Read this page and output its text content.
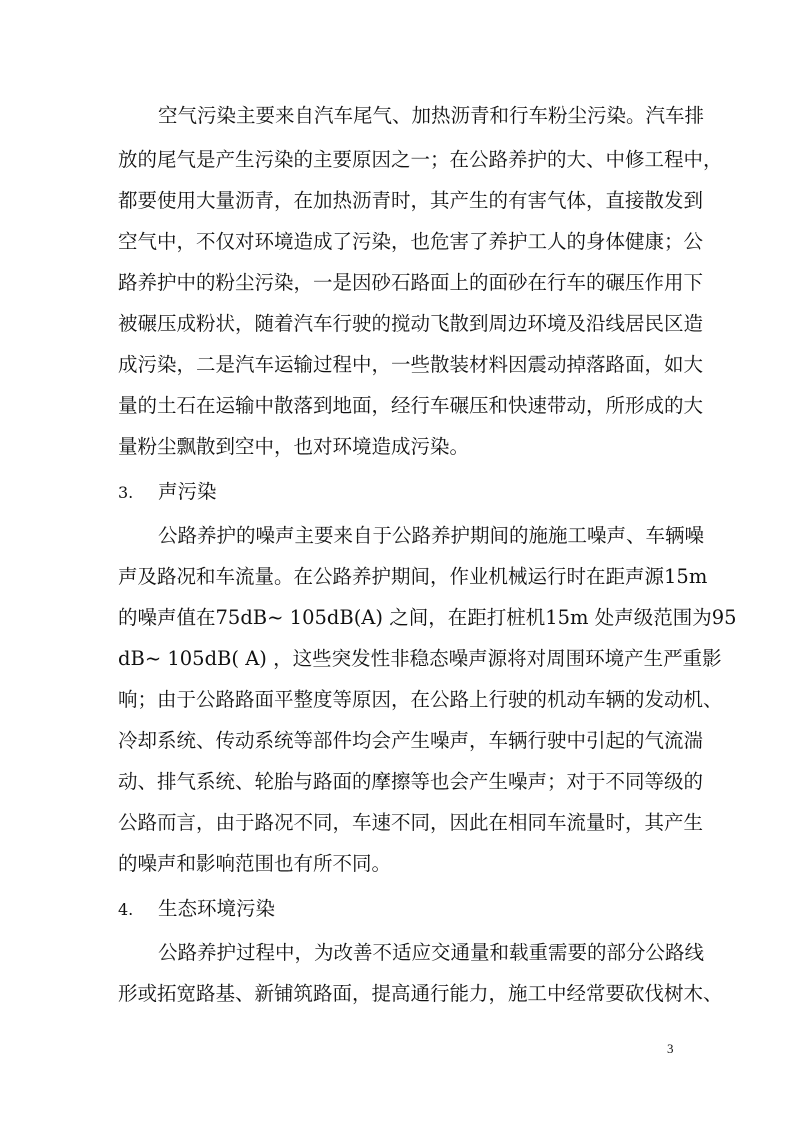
空气污染主要来自汽车尾气、加热沥青和行车粉尘污染。汽车排
放的尾气是产生污染的主要原因之一；在公路养护的大、中修工程中，
都要使用大量沥青，在加热沥青时，其产生的有害气体，直接散发到
空气中，不仅对环境造成了污染，也危害了养护工人的身体健康；公
路养护中的粉尘污染，一是因砂石路面上的面砂在行车的碾压作用下
被碾压成粉状，随着汽车行驶的搅动飞散到周边环境及沿线居民区造
成污染，二是汽车运输过程中，一些散装材料因震动掉落路面，如大
量的土石在运输中散落到地面，经行车碾压和快速带动，所形成的大
量粉尘飘散到空中，也对环境造成污染。
3. 声污染
公路养护的噪声主要来自于公路养护期间的施施工噪声、车辆噪
声及路况和车流量。在公路养护期间，作业机械运行时在距声源15m
的噪声值在75dB~ 105dB(A) 之间，在距打桩机15m 处声级范围为95
dB~ 105dB( A) ，这些突发性非稳态噪声源将对周围环境产生严重影
响；由于公路路面平整度等原因，在公路上行驶的机动车辆的发动机、
冷却系统、传动系统等部件均会产生噪声，车辆行驶中引起的气流湍
动、排气系统、轮胎与路面的摩擦等也会产生噪声；对于不同等级的
公路而言，由于路况不同，车速不同，因此在相同车流量时，其产生
的噪声和影响范围也有所不同。
4. 生态环境污染
公路养护过程中，为改善不适应交通量和载重需要的部分公路线
形或拓宽路基、新铺筑路面，提高通行能力，施工中经常要砍伐树木、
3
